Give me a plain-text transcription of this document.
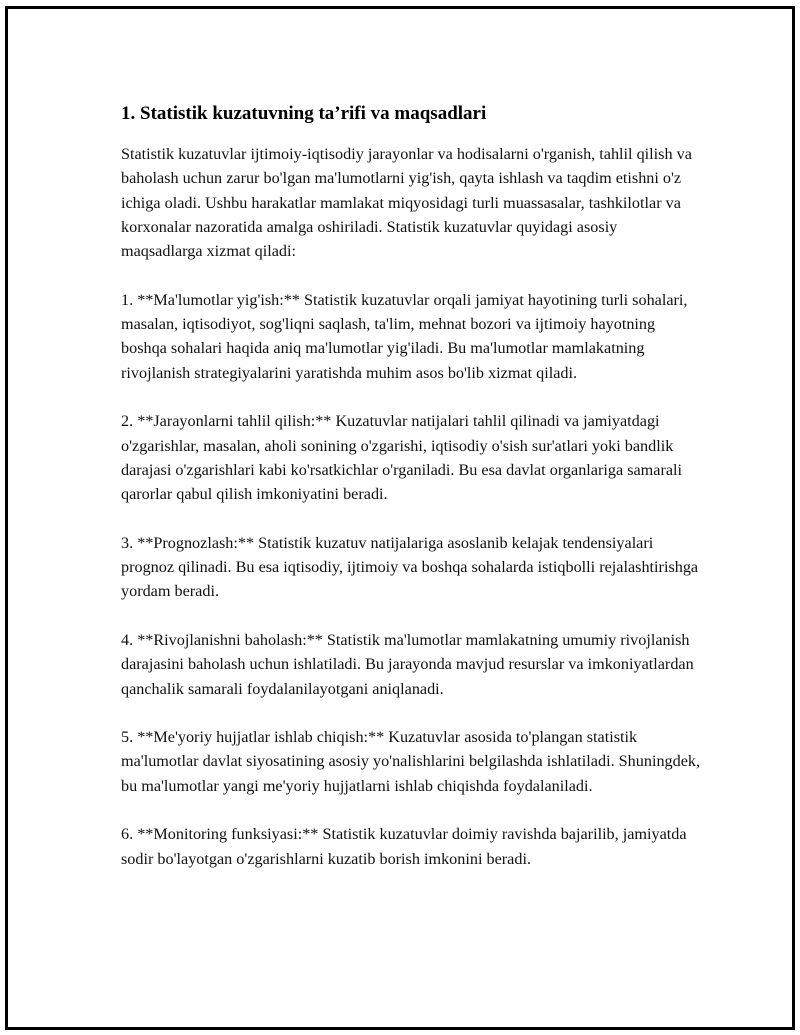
1. Statistik kuzatuvning ta’rifi va maqsadlari

Statistik kuzatuvlar ijtimoiy-iqtisodiy jarayonlar va hodisalarni o'rganish, tahlil qilish va baholash uchun zarur bo'lgan ma'lumotlarni yig'ish, qayta ishlash va taqdim etishni o'z ichiga oladi. Ushbu harakatlar mamlakat miqyosidagi turli muassasalar, tashkilotlar va korxonalar nazoratida amalga oshiriladi. Statistik kuzatuvlar quyidagi asosiy maqsadlarga xizmat qiladi:

1. **Ma'lumotlar yig'ish:** Statistik kuzatuvlar orqali jamiyat hayotining turli sohalari, masalan, iqtisodiyot, sog'liqni saqlash, ta'lim, mehnat bozori va ijtimoiy hayotning boshqa sohalari haqida aniq ma'lumotlar yig'iladi. Bu ma'lumotlar mamlakatning rivojlanish strategiyalarini yaratishda muhim asos bo'lib xizmat qiladi.

2. **Jarayonlarni tahlil qilish:** Kuzatuvlar natijalari tahlil qilinadi va jamiyatdagi o'zgarishlar, masalan, aholi sonining o'zgarishi, iqtisodiy o'sish sur'atlari yoki bandlik darajasi o'zgarishlari kabi ko'rsatkichlar o'rganiladi. Bu esa davlat organlariga samarali qarorlar qabul qilish imkoniyatini beradi.

3. **Prognozlash:** Statistik kuzatuv natijalariga asoslanib kelajak tendensiyalari prognoz qilinadi. Bu esa iqtisodiy, ijtimoiy va boshqa sohalarda istiqbolli rejalashtirishga yordam beradi.

4. **Rivojlanishni baholash:** Statistik ma'lumotlar mamlakatning umumiy rivojlanish darajasini baholash uchun ishlatiladi. Bu jarayonda mavjud resurslar va imkoniyatlardan qanchalik samarali foydalanilayotgani aniqlanadi.

5. **Me'yoriy hujjatlar ishlab chiqish:** Kuzatuvlar asosida to'plangan statistik ma'lumotlar davlat siyosatining asosiy yo'nalishlarini belgilashda ishlatiladi. Shuningdek, bu ma'lumotlar yangi me'yoriy hujjatlarni ishlab chiqishda foydalaniladi.

6. **Monitoring funksiyasi:** Statistik kuzatuvlar doimiy ravishda bajarilib, jamiyatda sodir bo'layotgan o'zgarishlarni kuzatib borish imkonini beradi.
